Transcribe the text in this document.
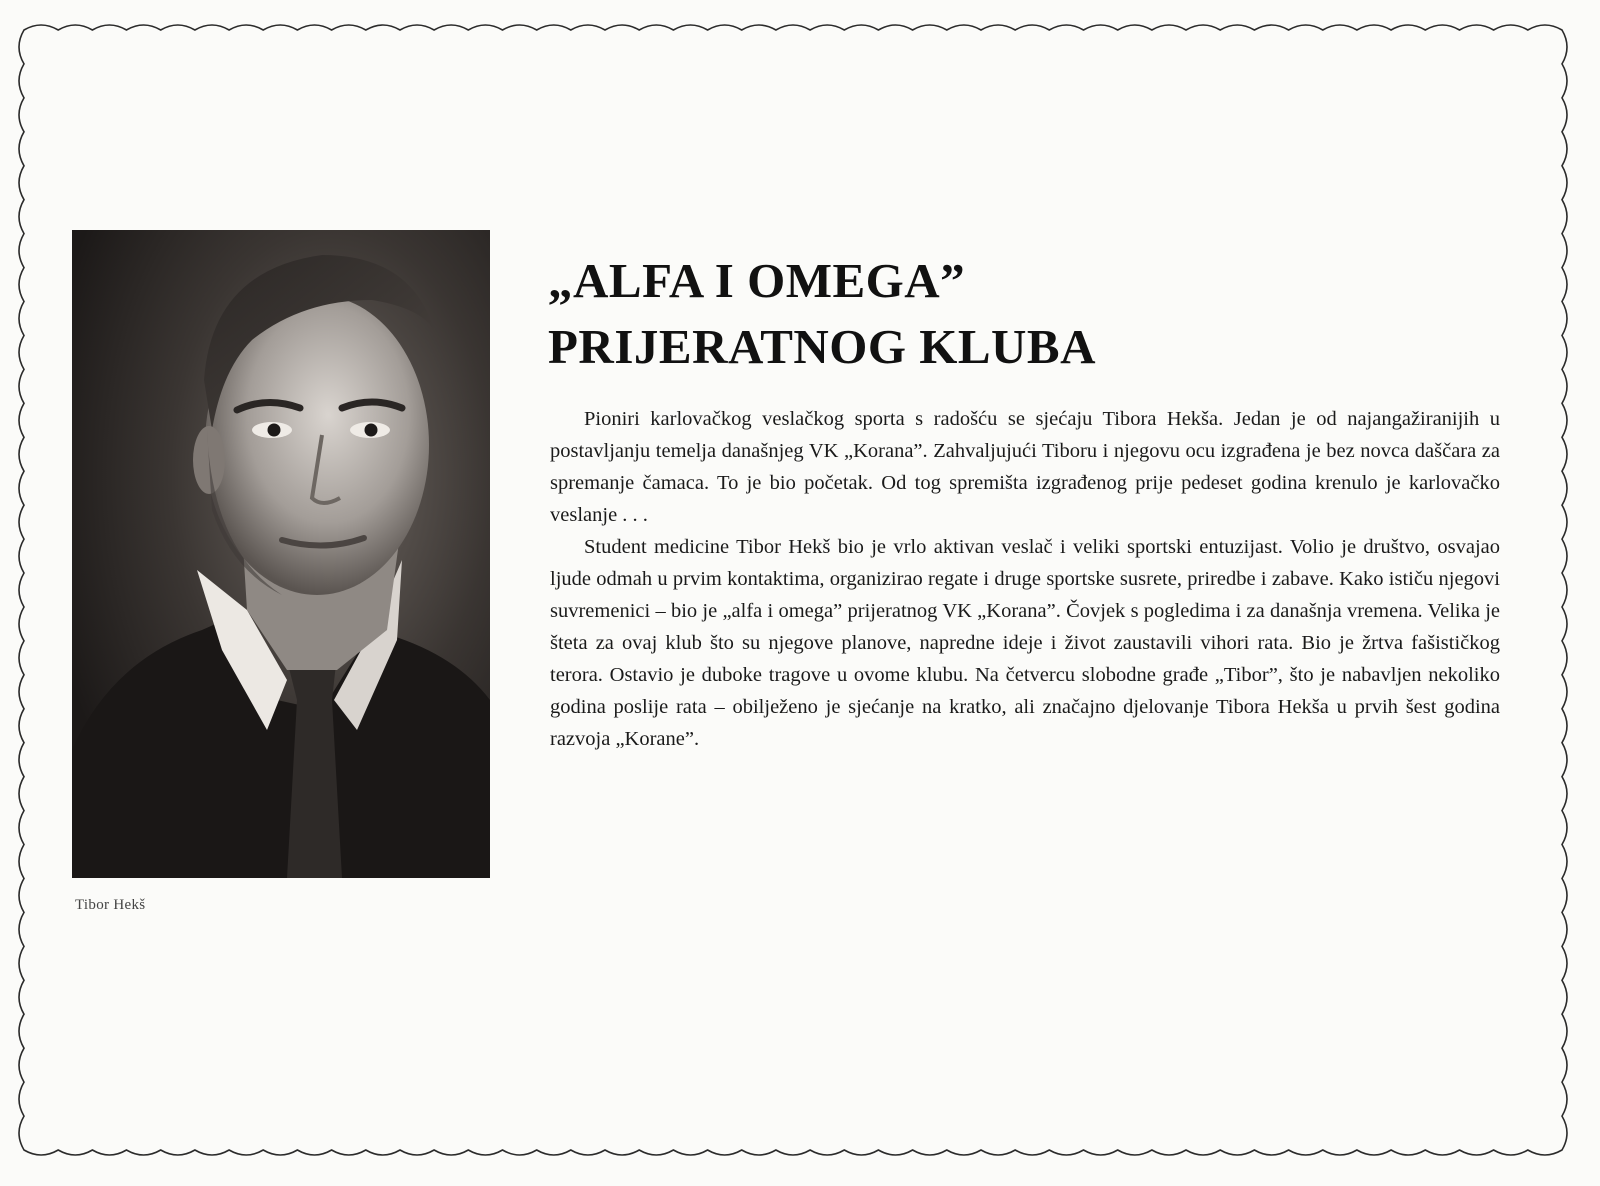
Tibor Hekš
„ALFA I OMEGA”
PRIJERATNOG KLUBA

Pioniri karlovačkog veslačkog sporta s radošću se sjećaju Tibora Hekša. Jedan je od najangažiranijih u postavljanju temelja današnjeg VK „Korana”. Zahvaljujući Tiboru i njegovu ocu izgrađena je bez novca daščara za spremanje čamaca. To je bio početak. Od tog spremišta izgrađenog prije pedeset godina krenulo je karlovačko veslanje . . .

Student medicine Tibor Hekš bio je vrlo aktivan veslač i veliki sportski entuzijast. Volio je društvo, osvajao ljude odmah u prvim kontaktima, organizirao regate i druge sportske susrete, priredbe i zabave. Kako ističu njegovi suvremenici – bio je „alfa i omega” prijeratnog VK „Korana”. Čovjek s pogledima i za današnja vremena. Velika je šteta za ovaj klub što su njegove planove, napredne ideje i život zaustavili vihori rata. Bio je žrtva fašističkog terora. Ostavio je duboke tragove u ovome klubu. Na četvercu slobodne građe „Tibor”, što je nabavljen nekoliko godina poslije rata – obilježeno je sjećanje na kratko, ali značajno djelovanje Tibora Hekša u prvih šest godina razvoja „Korane”.
